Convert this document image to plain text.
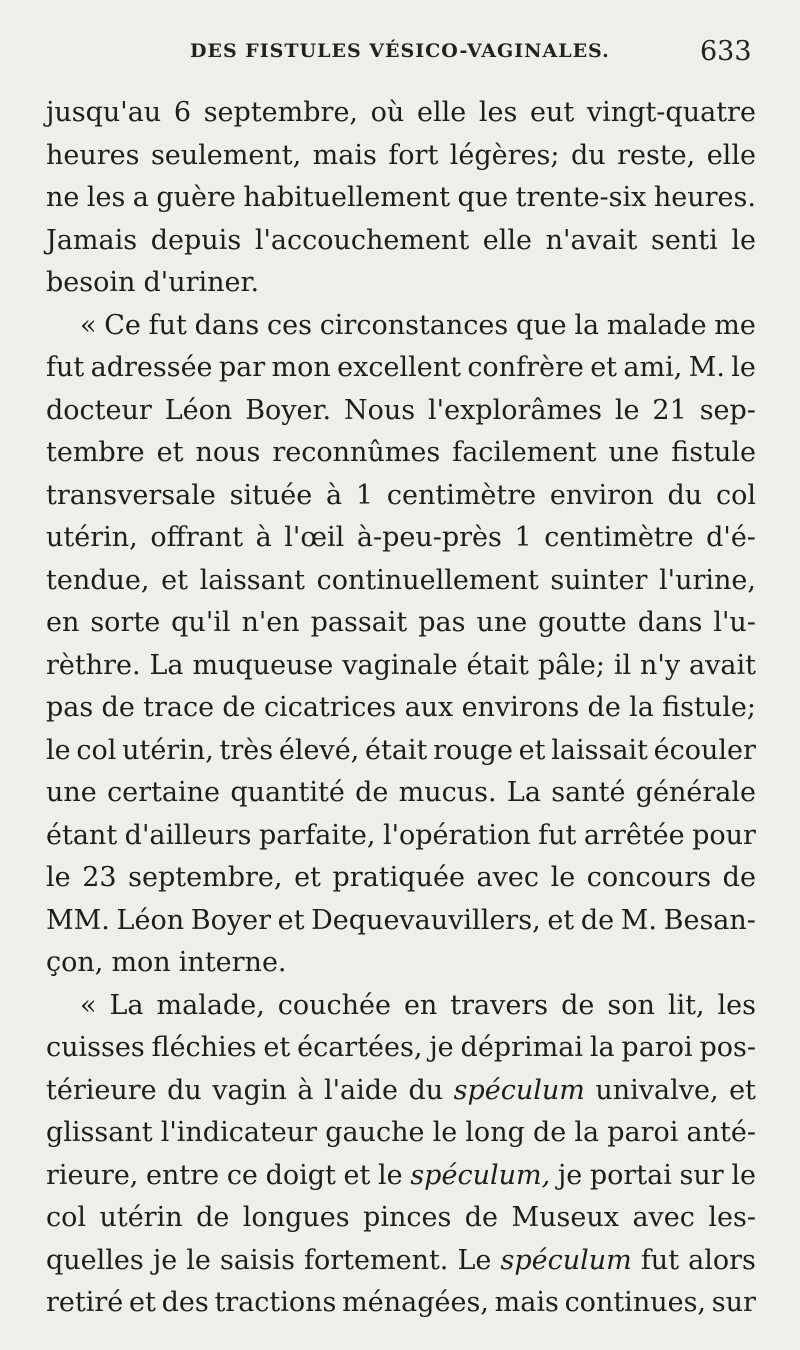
DES FISTULES VÉSICO-VAGINALES.	633
jusqu'au 6 septembre, où elle les eut vingt-quatre
heures seulement, mais fort légères; du reste, elle
ne les a guère habituellement que trente-six heures.
Jamais depuis l'accouchement elle n'avait senti le
besoin d'uriner.
« Ce fut dans ces circonstances que la malade me
fut adressée par mon excellent confrère et ami, M. le
docteur Léon Boyer. Nous l'explorâmes le 21 sep-
tembre et nous reconnûmes facilement une fistule
transversale située à 1 centimètre environ du col
utérin, offrant à l'œil à-peu-près 1 centimètre d'é-
tendue, et laissant continuellement suinter l'urine,
en sorte qu'il n'en passait pas une goutte dans l'u-
rèthre. La muqueuse vaginale était pâle; il n'y avait
pas de trace de cicatrices aux environs de la fistule;
le col utérin, très élevé, était rouge et laissait écouler
une certaine quantité de mucus. La santé générale
étant d'ailleurs parfaite, l'opération fut arrêtée pour
le 23 septembre, et pratiquée avec le concours de
MM. Léon Boyer et Dequevauvillers, et de M. Besan-
çon, mon interne.
« La malade, couchée en travers de son lit, les
cuisses fléchies et écartées, je déprimai la paroi pos-
térieure du vagin à l'aide du spéculum univalve, et
glissant l'indicateur gauche le long de la paroi anté-
rieure, entre ce doigt et le spéculum, je portai sur le
col utérin de longues pinces de Museux avec les-
quelles je le saisis fortement. Le spéculum fut alors
retiré et des tractions ménagées, mais continues, sur
